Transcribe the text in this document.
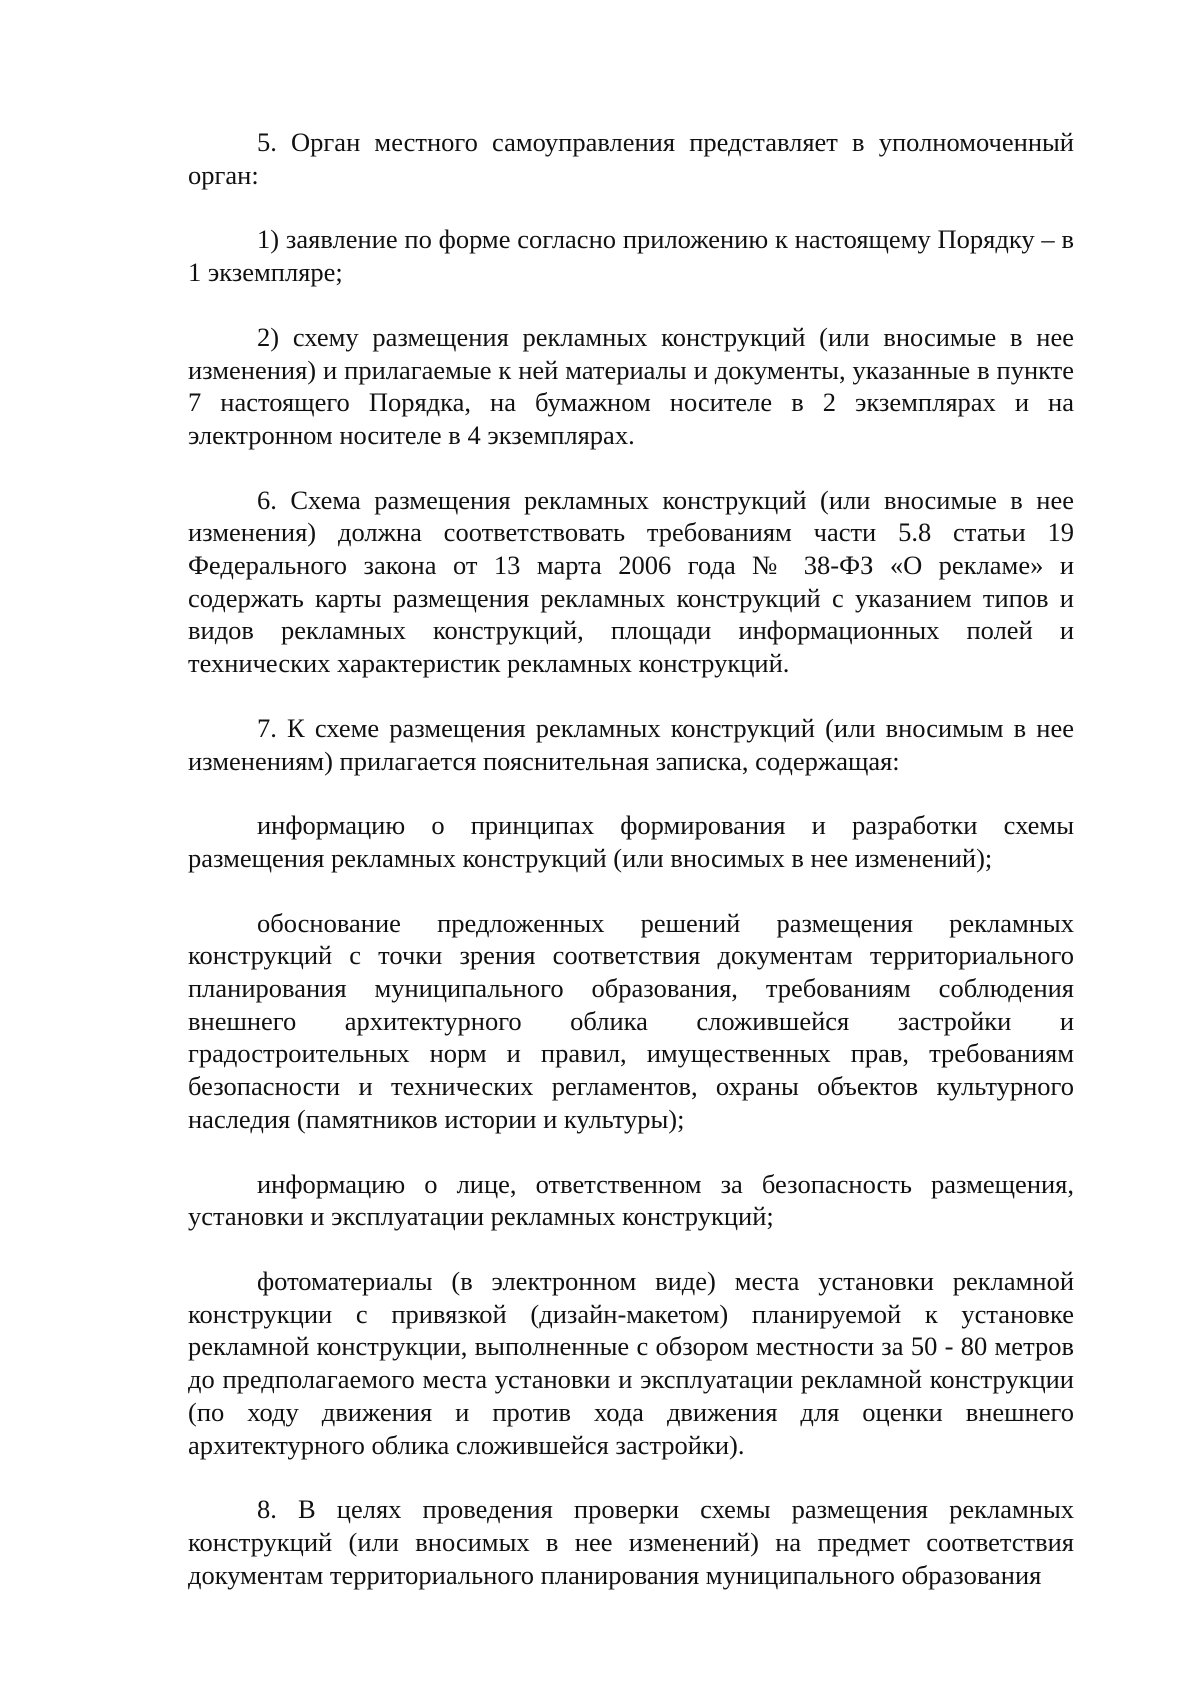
5. Орган местного самоуправления представляет в уполномоченный орган:

1) заявление по форме согласно приложению к настоящему Порядку – в 1 экземпляре;

2) схему размещения рекламных конструкций (или вносимые в нее изменения) и прилагаемые к ней материалы и документы, указанные в пункте 7 настоящего Порядка, на бумажном носителе в 2 экземплярах и на электронном носителе в 4 экземплярах.

6. Схема размещения рекламных конструкций (или вносимые в нее изменения) должна соответствовать требованиям части 5.8 статьи 19 Федерального закона от 13 марта 2006 года № 38-ФЗ «О рекламе» и содержать карты размещения рекламных конструкций с указанием типов и видов рекламных конструкций, площади информационных полей и технических характеристик рекламных конструкций.

7. К схеме размещения рекламных конструкций (или вносимым в нее изменениям) прилагается пояснительная записка, содержащая:

информацию о принципах формирования и разработки схемы размещения рекламных конструкций (или вносимых в нее изменений);

обоснование предложенных решений размещения рекламных конструкций с точки зрения соответствия документам территориального планирования муниципального образования, требованиям соблюдения внешнего архитектурного облика сложившейся застройки и градостроительных норм и правил, имущественных прав, требованиям безопасности и технических регламентов, охраны объектов культурного наследия (памятников истории и культуры);

информацию о лице, ответственном за безопасность размещения, установки и эксплуатации рекламных конструкций;

фотоматериалы (в электронном виде) места установки рекламной конструкции с привязкой (дизайн-макетом) планируемой к установке рекламной конструкции, выполненные с обзором местности за 50 - 80 метров до предполагаемого места установки и эксплуатации рекламной конструкции (по ходу движения и против хода движения для оценки внешнего архитектурного облика сложившейся застройки).

8. В целях проведения проверки схемы размещения рекламных конструкций (или вносимых в нее изменений) на предмет соответствия документам территориального планирования муниципального образования
